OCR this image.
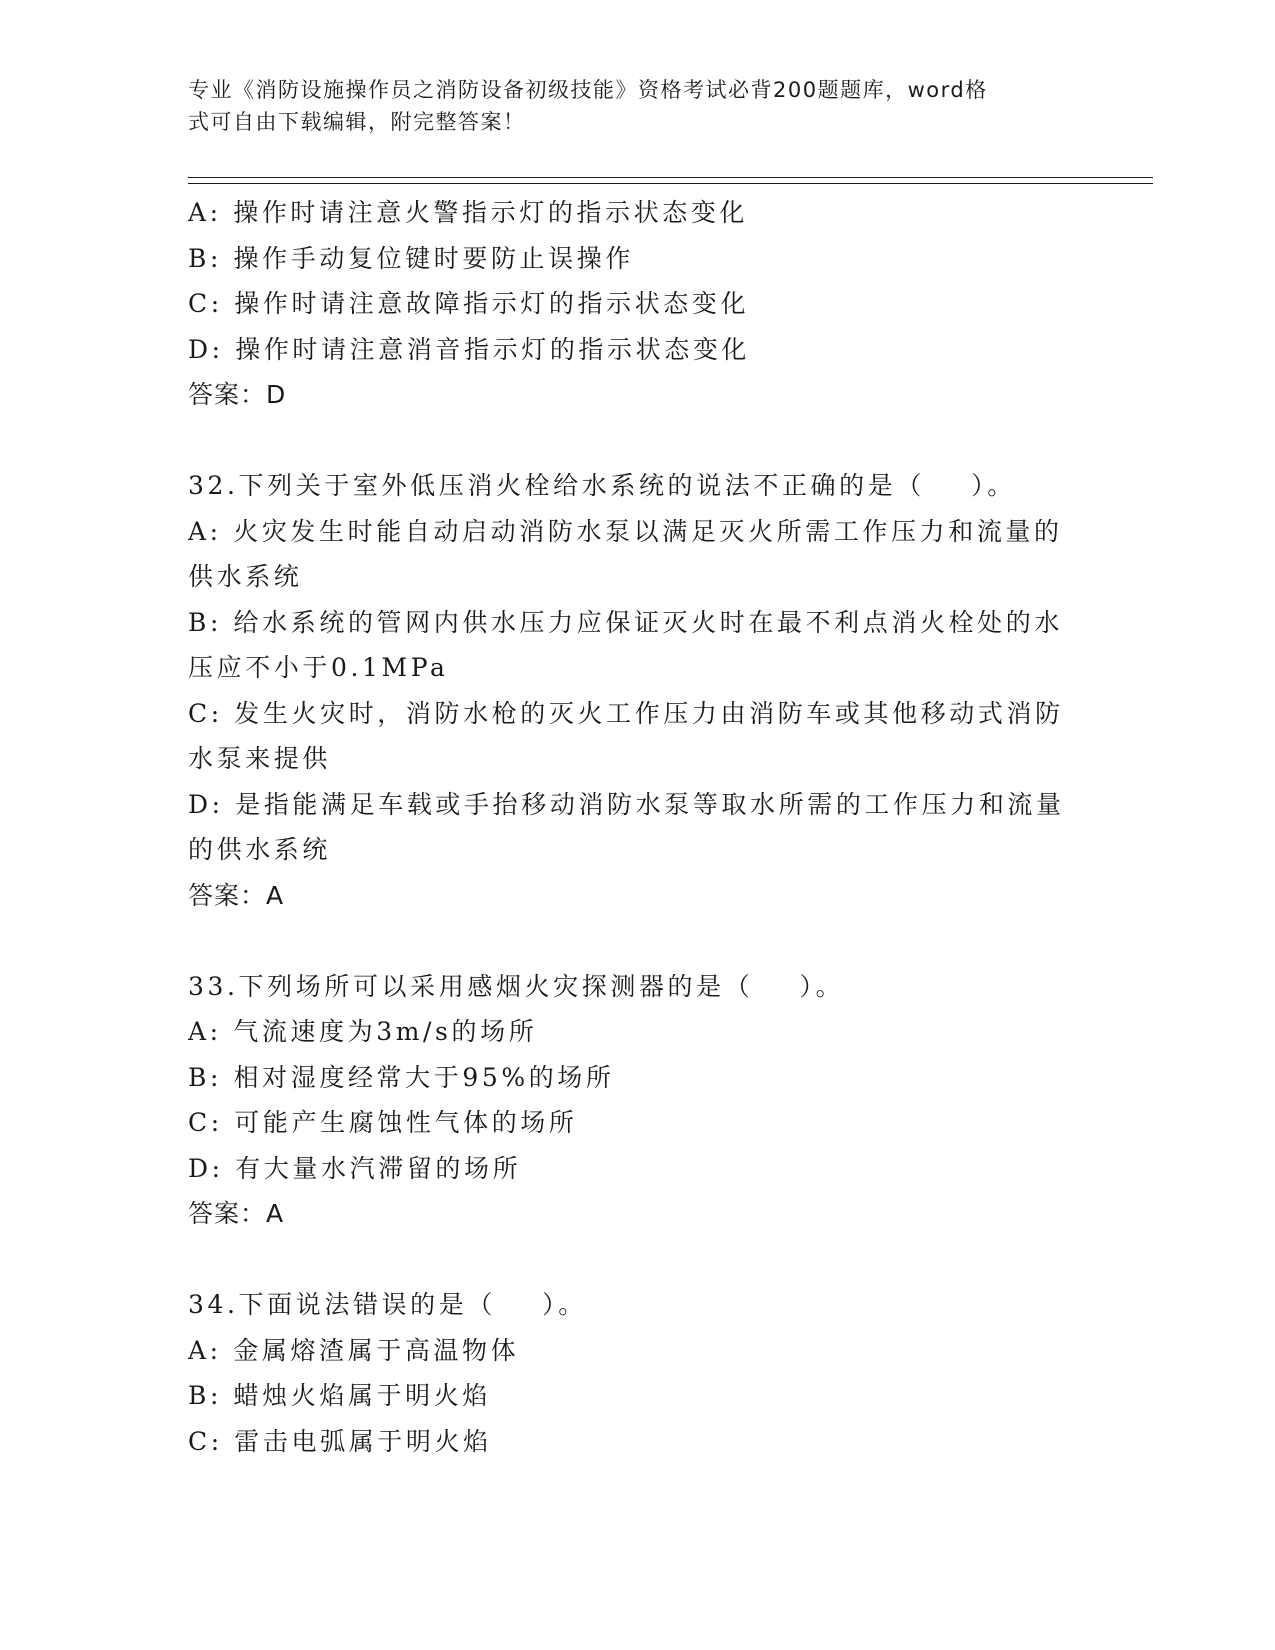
专业《消防设施操作员之消防设备初级技能》资格考试必背200题题库，word格
式可自由下载编辑，附完整答案！
A: 操作时请注意火警指示灯的指示状态变化
B: 操作手动复位键时要防止误操作
C: 操作时请注意故障指示灯的指示状态变化
D: 操作时请注意消音指示灯的指示状态变化
答案：D
32.下列关于室外低压消火栓给水系统的说法不正确的是（    ）。
A: 火灾发生时能自动启动消防水泵以满足灭火所需工作压力和流量的
供水系统
B: 给水系统的管网内供水压力应保证灭火时在最不利点消火栓处的水
压应不小于0.1MPa
C: 发生火灾时，消防水枪的灭火工作压力由消防车或其他移动式消防
水泵来提供
D: 是指能满足车载或手抬移动消防水泵等取水所需的工作压力和流量
的供水系统
答案：A
33.下列场所可以采用感烟火灾探测器的是（    ）。
A: 气流速度为3m/s的场所
B: 相对湿度经常大于95%的场所
C: 可能产生腐蚀性气体的场所
D: 有大量水汽滞留的场所
答案：A
34.下面说法错误的是（    ）。
A: 金属熔渣属于高温物体
B: 蜡烛火焰属于明火焰
C: 雷击电弧属于明火焰
